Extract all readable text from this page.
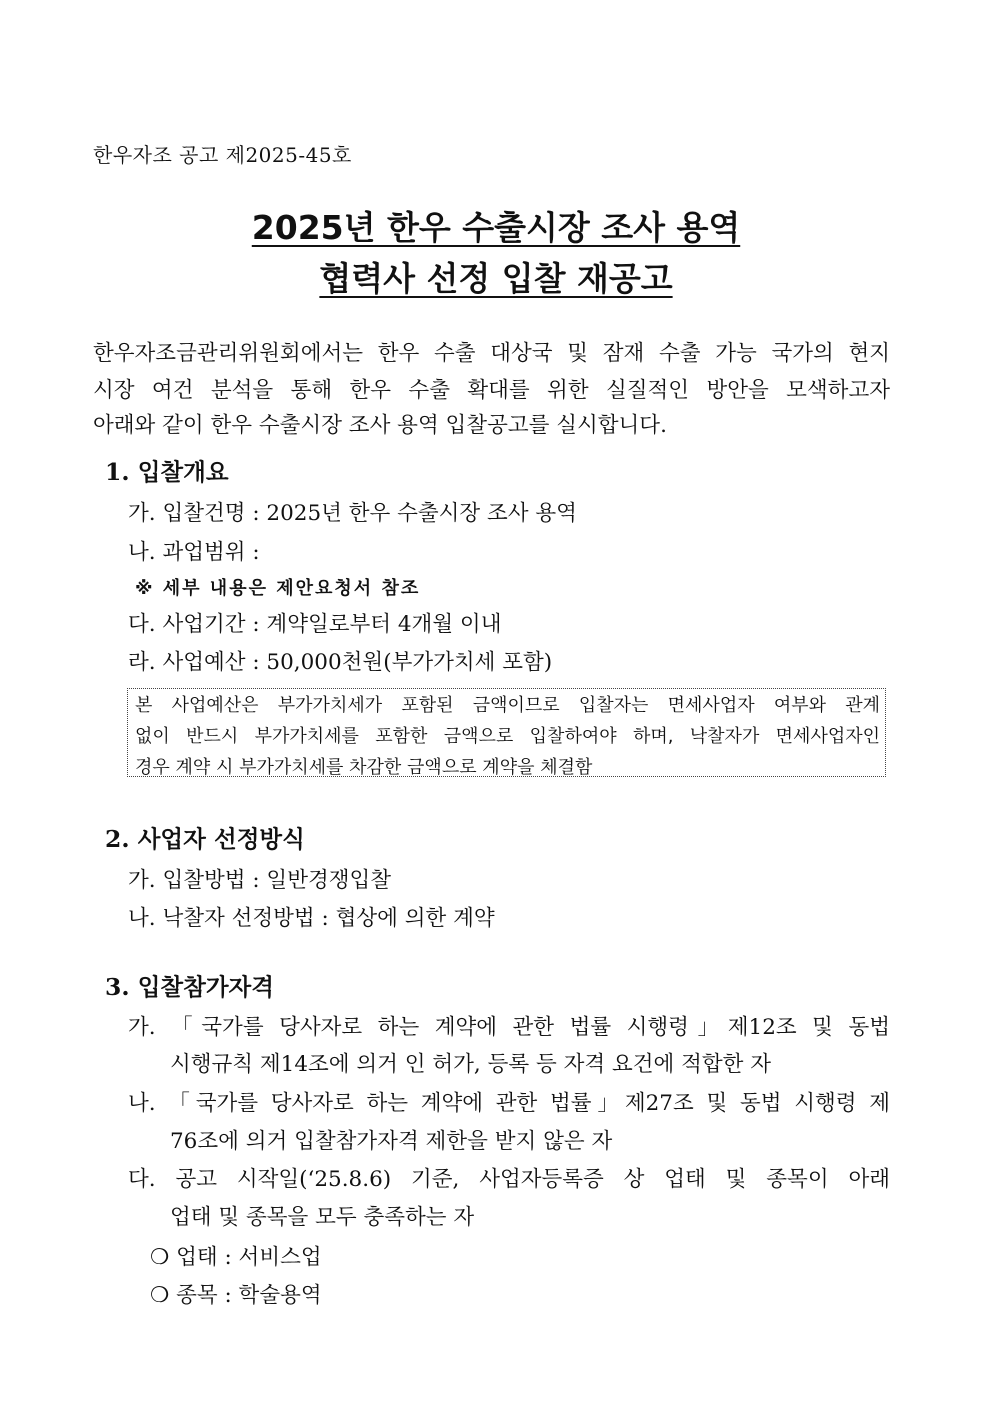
한우자조 공고 제2025-45호
2025년 한우 수출시장 조사 용역
협력사 선정 입찰 재공고
한우자조금관리위원회에서는 한우 수출 대상국 및 잠재 수출 가능 국가의 현지
시장 여건 분석을 통해 한우 수출 확대를 위한 실질적인 방안을 모색하고자
아래와 같이 한우 수출시장 조사 용역 입찰공고를 실시합니다.
1. 입찰개요
가. 입찰건명 : 2025년 한우 수출시장 조사 용역
나. 과업범위 :
※ 세부 내용은 제안요청서 참조
다. 사업기간 : 계약일로부터 4개월 이내
라. 사업예산 : 50,000천원(부가가치세 포함)
본 사업예산은 부가가치세가 포함된 금액이므로 입찰자는 면세사업자 여부와 관계
없이 반드시 부가가치세를 포함한 금액으로 입찰하여야 하며, 낙찰자가 면세사업자인
경우 계약 시 부가가치세를 차감한 금액으로 계약을 체결함
2. 사업자 선정방식
가. 입찰방법 : 일반경쟁입찰
나. 낙찰자 선정방법 : 협상에 의한 계약
3. 입찰참가자격
가. 「국가를 당사자로 하는 계약에 관한 법률 시행령」제12조 및 동법
시행규칙 제14조에 의거 인 허가, 등록 등 자격 요건에 적합한 자
나. 「국가를 당사자로 하는 계약에 관한 법률」제27조 및 동법 시행령 제
76조에 의거 입찰참가자격 제한을 받지 않은 자
다. 공고 시작일(‘25.8.6) 기준, 사업자등록증 상 업태 및 종목이 아래
업태 및 종목을 모두 충족하는 자
❍ 업태 : 서비스업
❍ 종목 : 학술용역
